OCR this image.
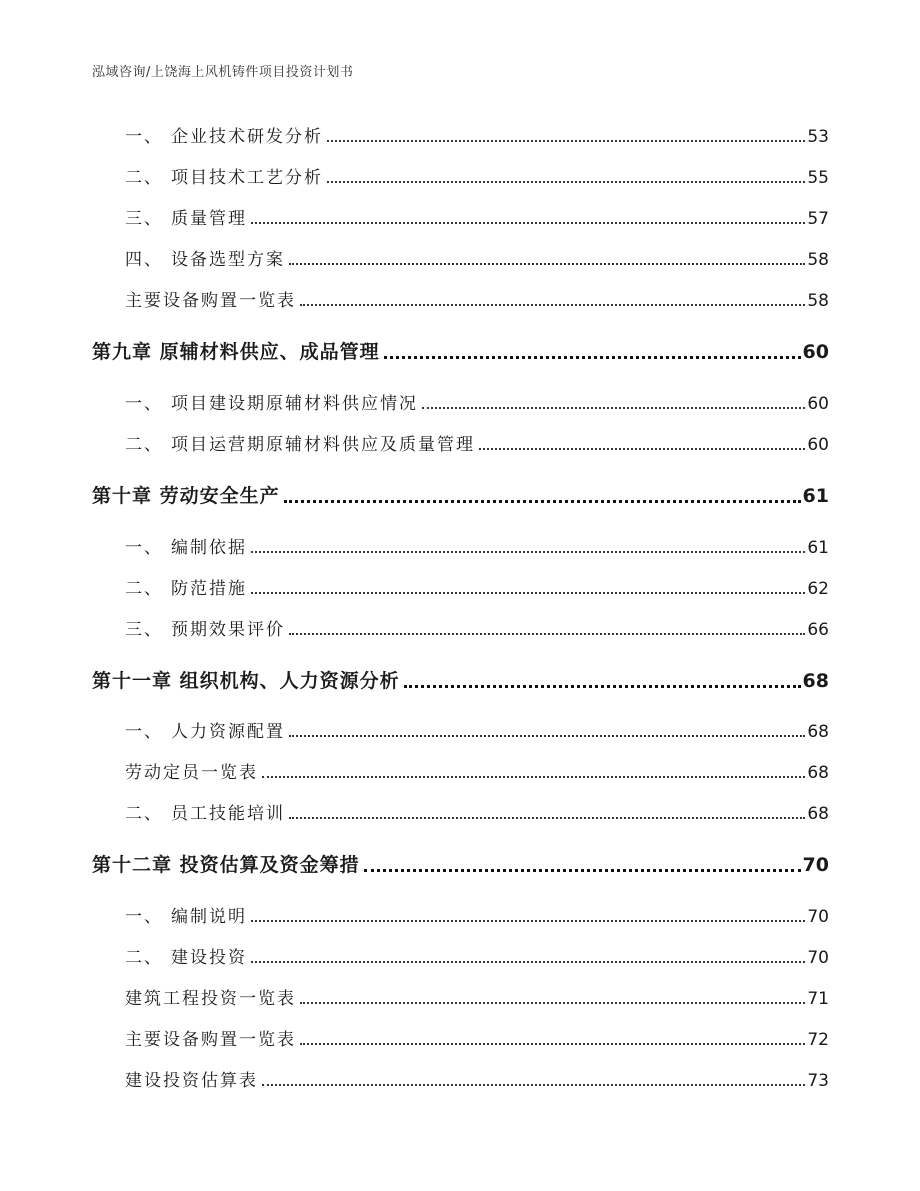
泓域咨询/上饶海上风机铸件项目投资计划书
一、 企业技术研发分析	53
二、 项目技术工艺分析	55
三、 质量管理	57
四、 设备选型方案	58
主要设备购置一览表	58
第九章 原辅材料供应、成品管理	60
一、 项目建设期原辅材料供应情况	60
二、 项目运营期原辅材料供应及质量管理	60
第十章 劳动安全生产	61
一、 编制依据	61
二、 防范措施	62
三、 预期效果评价	66
第十一章 组织机构、人力资源分析	68
一、 人力资源配置	68
劳动定员一览表	68
二、 员工技能培训	68
第十二章 投资估算及资金筹措	70
一、 编制说明	70
二、 建设投资	70
建筑工程投资一览表	71
主要设备购置一览表	72
建设投资估算表	73
